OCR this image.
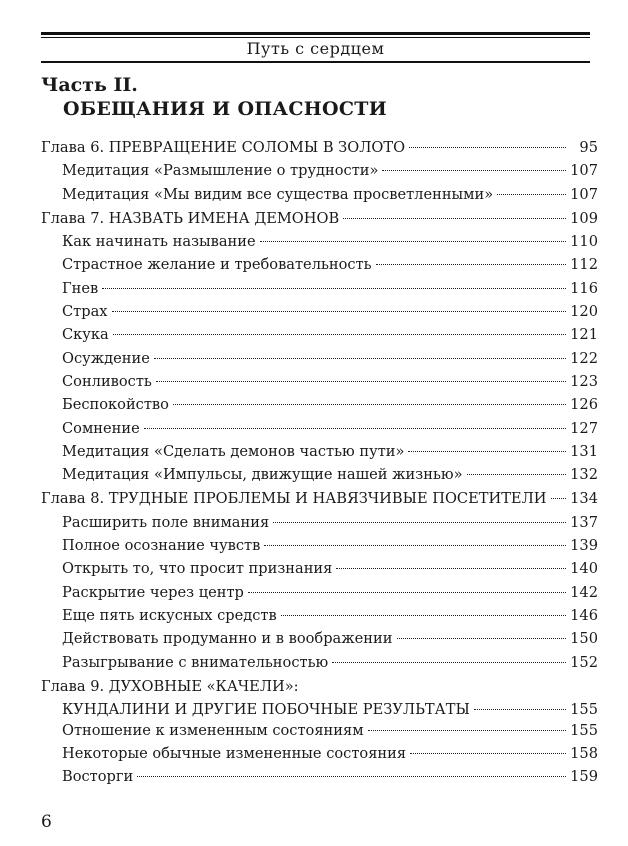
Путь с сердцем
Часть II.
ОБЕЩАНИЯ И ОПАСНОСТИ
Глава 6. ПРЕВРАЩЕНИЕ СОЛОМЫ В ЗОЛОТО	95
Медитация «Размышление о трудности»	107
Медитация «Мы видим все существа просветленными»	107
Глава 7. НАЗВАТЬ ИМЕНА ДЕМОНОВ	109
Как начинать называние	110
Страстное желание и требовательность	112
Гнев	116
Страх	120
Скука	121
Осуждение	122
Сонливость	123
Беспокойство	126
Сомнение	127
Медитация «Сделать демонов частью пути»	131
Медитация «Импульсы, движущие нашей жизнью»	132
Глава 8. ТРУДНЫЕ ПРОБЛЕМЫ И НАВЯЗЧИВЫЕ ПОСЕТИТЕЛИ 134
Расширить поле внимания	137
Полное осознание чувств	139
Открыть то, что просит признания	140
Раскрытие через центр	142
Еще пять искусных средств	146
Действовать продуманно и в воображении	150
Разыгрывание с внимательностью	152
Глава 9. ДУХОВНЫЕ «КАЧЕЛИ»:
КУНДАЛИНИ И ДРУГИЕ ПОБОЧНЫЕ РЕЗУЛЬТАТЫ	155
Отношение к измененным состояниям	155
Некоторые обычные измененные состояния	158
Восторги	159
6
